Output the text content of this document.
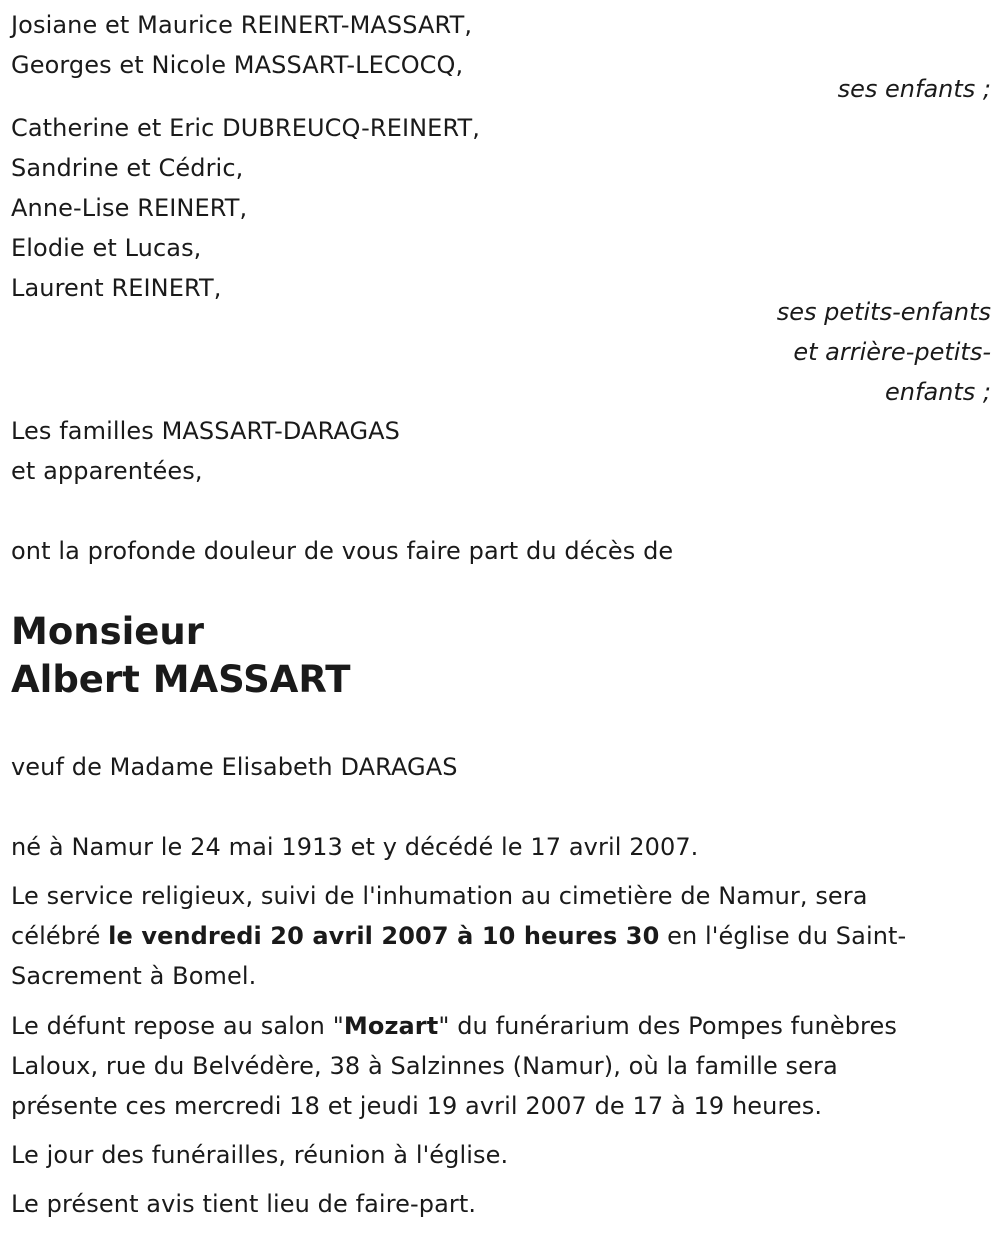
Josiane et Maurice REINERT-MASSART,
Georges et Nicole MASSART-LECOCQ,
ses enfants ;
Catherine et Eric DUBREUCQ-REINERT,
Sandrine et Cédric,
Anne-Lise REINERT,
Elodie et Lucas,
Laurent REINERT,
ses petits-enfants
et arrière-petits-
enfants ;
Les familles MASSART-DARAGAS
et apparentées,
ont la profonde douleur de vous faire part du décès de
Monsieur
Albert MASSART
veuf de Madame Elisabeth DARAGAS
né à Namur le 24 mai 1913 et y décédé le 17 avril 2007.
Le service religieux, suivi de l'inhumation au cimetière de Namur, sera
célébré le vendredi 20 avril 2007 à 10 heures 30 en l'église du Saint-
Sacrement à Bomel.
Le défunt repose au salon "Mozart" du funérarium des Pompes funèbres
Laloux, rue du Belvédère, 38 à Salzinnes (Namur), où la famille sera
présente ces mercredi 18 et jeudi 19 avril 2007 de 17 à 19 heures.
Le jour des funérailles, réunion à l'église.
Le présent avis tient lieu de faire-part.
